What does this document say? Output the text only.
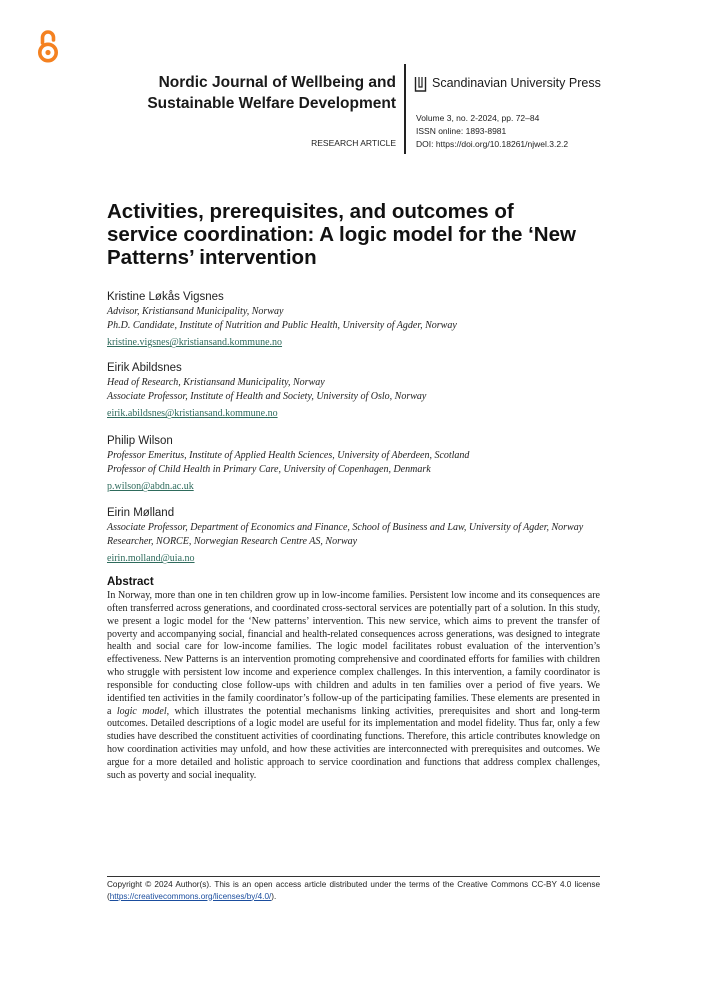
Nordic Journal of Wellbeing and
Sustainable Welfare Development
RESEARCH ARTICLE
Scandinavian University Press
Volume 3, no. 2-2024, pp. 72–84
ISSN online: 1893-8981
DOI: https://doi.org/10.18261/njwel.3.2.2
Activities, prerequisites, and outcomes of service coordination: A logic model for the ‘New Patterns’ intervention
Kristine Løkås Vigsnes
Advisor, Kristiansand Municipality, Norway
Ph.D. Candidate, Institute of Nutrition and Public Health, University of Agder, Norway
kristine.vigsnes@kristiansand.kommune.no
Eirik Abildsnes
Head of Research, Kristiansand Municipality, Norway
Associate Professor, Institute of Health and Society, University of Oslo, Norway
eirik.abildsnes@kristiansand.kommune.no
Philip Wilson
Professor Emeritus, Institute of Applied Health Sciences, University of Aberdeen, Scotland
Professor of Child Health in Primary Care, University of Copenhagen, Denmark
p.wilson@abdn.ac.uk
Eirin Mølland
Associate Professor, Department of Economics and Finance, School of Business and Law, University of Agder, Norway
Researcher, NORCE, Norwegian Research Centre AS, Norway
eirin.molland@uia.no
Abstract
In Norway, more than one in ten children grow up in low-income families. Persistent low income and its consequences are often transferred across generations, and coordinated cross-sectoral services are potentially part of a solution. In this study, we present a logic model for the ‘New patterns’ intervention. This new service, which aims to prevent the transfer of poverty and accompanying social, financial and health-related consequences across generations, was designed to integrate health and social care for low-income families. The logic model facilitates robust evaluation of the intervention’s effectiveness. New Patterns is an intervention promoting comprehensive and coordinated efforts for families with children who struggle with persistent low income and experience complex challenges. In this intervention, a family coordinator is responsible for conducting close follow-ups with children and adults in ten families over a period of five years. We identified ten activities in the family coordinator’s follow-up of the participating families. These elements are presented in a logic model, which illustrates the potential mechanisms linking activities, prerequisites and short and long-term outcomes. Detailed descriptions of a logic model are useful for its implementation and model fidelity. Thus far, only a few studies have described the constituent activities of coordinating functions. Therefore, this article contributes knowledge on how coordination activities may unfold, and how these activities are interconnected with prerequisites and outcomes. We argue for a more detailed and holistic approach to service coordination and functions that address complex challenges, such as poverty and social inequality.
Copyright © 2024 Author(s). This is an open access article distributed under the terms of the Creative Commons CC-BY 4.0 license (https://creativecommons.org/licenses/by/4.0/).
